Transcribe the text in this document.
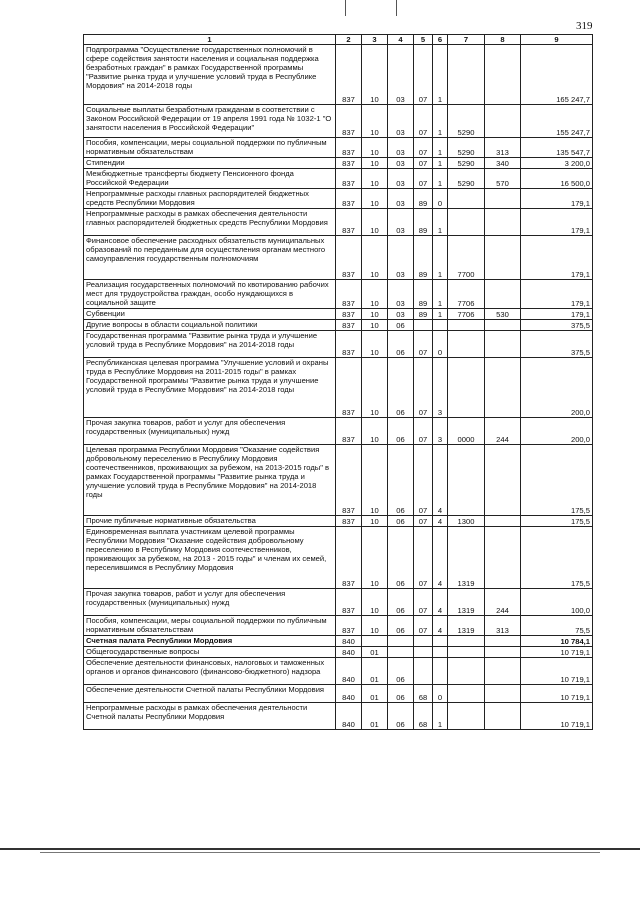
319
1	2	3	4	5	6	7	8	9
Подпрограмма "Осуществление государственных полномочий в сфере содействия занятости населения и социальная поддержка безработных граждан" в рамках Государственной программы "Развитие рынка труда и улучшение условий труда в Республике Мордовия" на 2014-2018 годы	837	10	03	07	1			165 247,7
Социальные выплаты безработным гражданам в соответствии с Законом Российской Федерации от 19 апреля 1991 года № 1032-1 "О занятости населения в Российской Федерации"	837	10	03	07	1	5290		155 247,7
Пособия, компенсации, меры социальной поддержки по публичным нормативным обязательствам	837	10	03	07	1	5290	313	135 547,7
Стипендии	837	10	03	07	1	5290	340	3 200,0
Межбюджетные трансферты бюджету Пенсионного фонда Российской Федерации	837	10	03	07	1	5290	570	16 500,0
Непрограммные расходы главных распорядителей бюджетных средств Республики Мордовия	837	10	03	89	0			179,1
Непрограммные расходы в рамках обеспечения деятельности главных распорядителей бюджетных средств Республики Мордовия	837	10	03	89	1			179,1
Финансовое обеспечение расходных обязательств муниципальных образований по переданным для осуществления органам местного самоуправления государственным полномочиям	837	10	03	89	1	7700		179,1
Реализация государственных полномочий по квотированию рабочих мест для трудоустройства граждан, особо нуждающихся в социальной защите	837	10	03	89	1	7706		179,1
Субвенции	837	10	03	89	1	7706	530	179,1
Другие вопросы в области социальной политики	837	10	06					375,5
Государственная программа "Развитие рынка труда и улучшение условий труда в Республике Мордовия" на 2014-2018 годы	837	10	06	07	0			375,5
Республиканская целевая программа "Улучшение условий и охраны труда в Республике Мордовия на 2011-2015 годы" в рамках Государственной программы "Развитие рынка труда и улучшение условий труда в Республике Мордовия" на 2014-2018 годы	837	10	06	07	3			200,0
Прочая закупка товаров, работ и услуг для обеспечения государственных (муниципальных) нужд	837	10	06	07	3	0000	244	200,0
Целевая программа Республики Мордовия "Оказание содействия добровольному переселению в Республику Мордовия соотечественников, проживающих за рубежом, на 2013-2015 годы" в рамках Государственной программы "Развитие рынка труда и улучшение условий труда в Республике Мордовия" на 2014-2018 годы	837	10	06	07	4			175,5
Прочие публичные нормативные обязательства	837	10	06	07	4	1300		175,5
Единовременная выплата участникам целевой программы Республики Мордовия "Оказание содействия добровольному переселению в Республику Мордовия соотечественников, проживающих за рубежом, на 2013 - 2015 годы" и членам их семей, переселившимся в Республику Мордовия	837	10	06	07	4	1319		175,5
Прочая закупка товаров, работ и услуг для обеспечения государственных (муниципальных) нужд	837	10	06	07	4	1319	244	100,0
Пособия, компенсации, меры социальной поддержки по публичным нормативным обязательствам	837	10	06	07	4	1319	313	75,5
Счетная палата Республики Мордовия	840							10 784,1
Общегосударственные вопросы	840	01						10 719,1
Обеспечение деятельности финансовых, налоговых и таможенных органов и органов финансового (финансово-бюджетного) надзора	840	01	06					10 719,1
Обеспечение деятельности Счетной палаты Республики Мордовия	840	01	06	68	0			10 719,1
Непрограммные расходы в рамках обеспечения деятельности Счетной палаты Республики Мордовия	840	01	06	68	1			10 719,1
